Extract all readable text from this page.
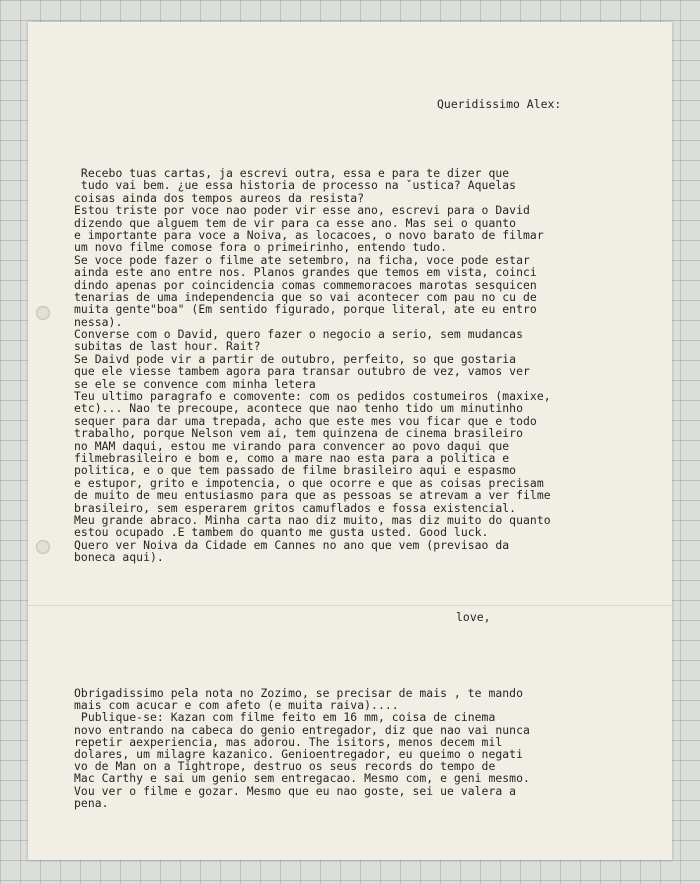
Queridissimo Alex:
Recebo tuas cartas, ja escrevi outra, essa e para te dizer que
tudo vai bem. ¿ue essa historia de processo na ˇustica? Aquelas
coisas ainda dos tempos aureos da resista?
Estou triste por voce nao poder vir esse ano, escrevi para o David
dizendo que alguem tem de vir para ca esse ano. Mas sei o quanto
e importante para voce a Noiva, as locacoes, o novo barato de filmar
um novo filme comose fora o primeirinho, entendo tudo.
Se voce pode fazer o filme ate setembro, na ficha, voce pode estar
ainda este ano entre nos. Planos grandes que temos em vista, coinci
dindo apenas por coincidencia comas commemoracoes marotas sesquicen
tenarias de uma independencia que so vai acontecer com pau no cu de
muita gente"boa" (Em sentido figurado, porque literal, ate eu entro
nessa).
Converse com o David, quero fazer o negocio a serio, sem mudancas
subitas de last hour. Rait?
Se Daivd pode vir a partir de outubro, perfeito, so que gostaria
que ele viesse tambem agora para transar outubro de vez, vamos ver
se ele se convence com minha letera
Teu ultimo paragrafo e comovente: com os pedidos costumeiros (maxixe,
etc)... Nao te precoupe, acontece que nao tenho tido um minutinho
sequer para dar uma trepada, acho que este mes vou ficar que e todo
trabalho, porque Nelson vem ai, tem quinzena de cinema brasileiro
no MAM daqui, estou me virando para convencer ao povo daqui que
filmebrasileiro e bom e, como a mare nao esta para a politica e
politica, e o que tem passado de filme brasileiro aqui e espasmo
e estupor, grito e impotencia, o que ocorre e que as coisas precisam
de muito de meu entusiasmo para que as pessoas se atrevam a ver filme
brasileiro, sem esperarem gritos camuflados e fossa existencial.
Meu grande abraco. Minha carta nao diz muito, mas diz muito do quanto
estou ocupado .E tambem do quanto me gusta usted. Good luck.
Quero ver Noiva da Cidade em Cannes no ano que vem (previsao da
boneca aqui).
love,
Obrigadissimo pela nota no Zozimo, se precisar de mais , te mando
mais com acucar e com afeto (e muita raiva)....
Publique-se: Kazan com filme feito em 16 mm, coisa de cinema
novo entrando na cabeca do genio entregador, diz que nao vai nunca
repetir aexperiencia, mas adorou. The isitors, menos decem mil
dolares, um milagre kazanico. Genioentregador, eu queimo o negati
vo de Man on a Tightrope, destruo os seus records do tempo de
Mac Carthy e sai um genio sem entregacao. Mesmo com, e geni mesmo.
Vou ver o filme e gozar. Mesmo que eu nao goste, sei ue valera a
pena.
